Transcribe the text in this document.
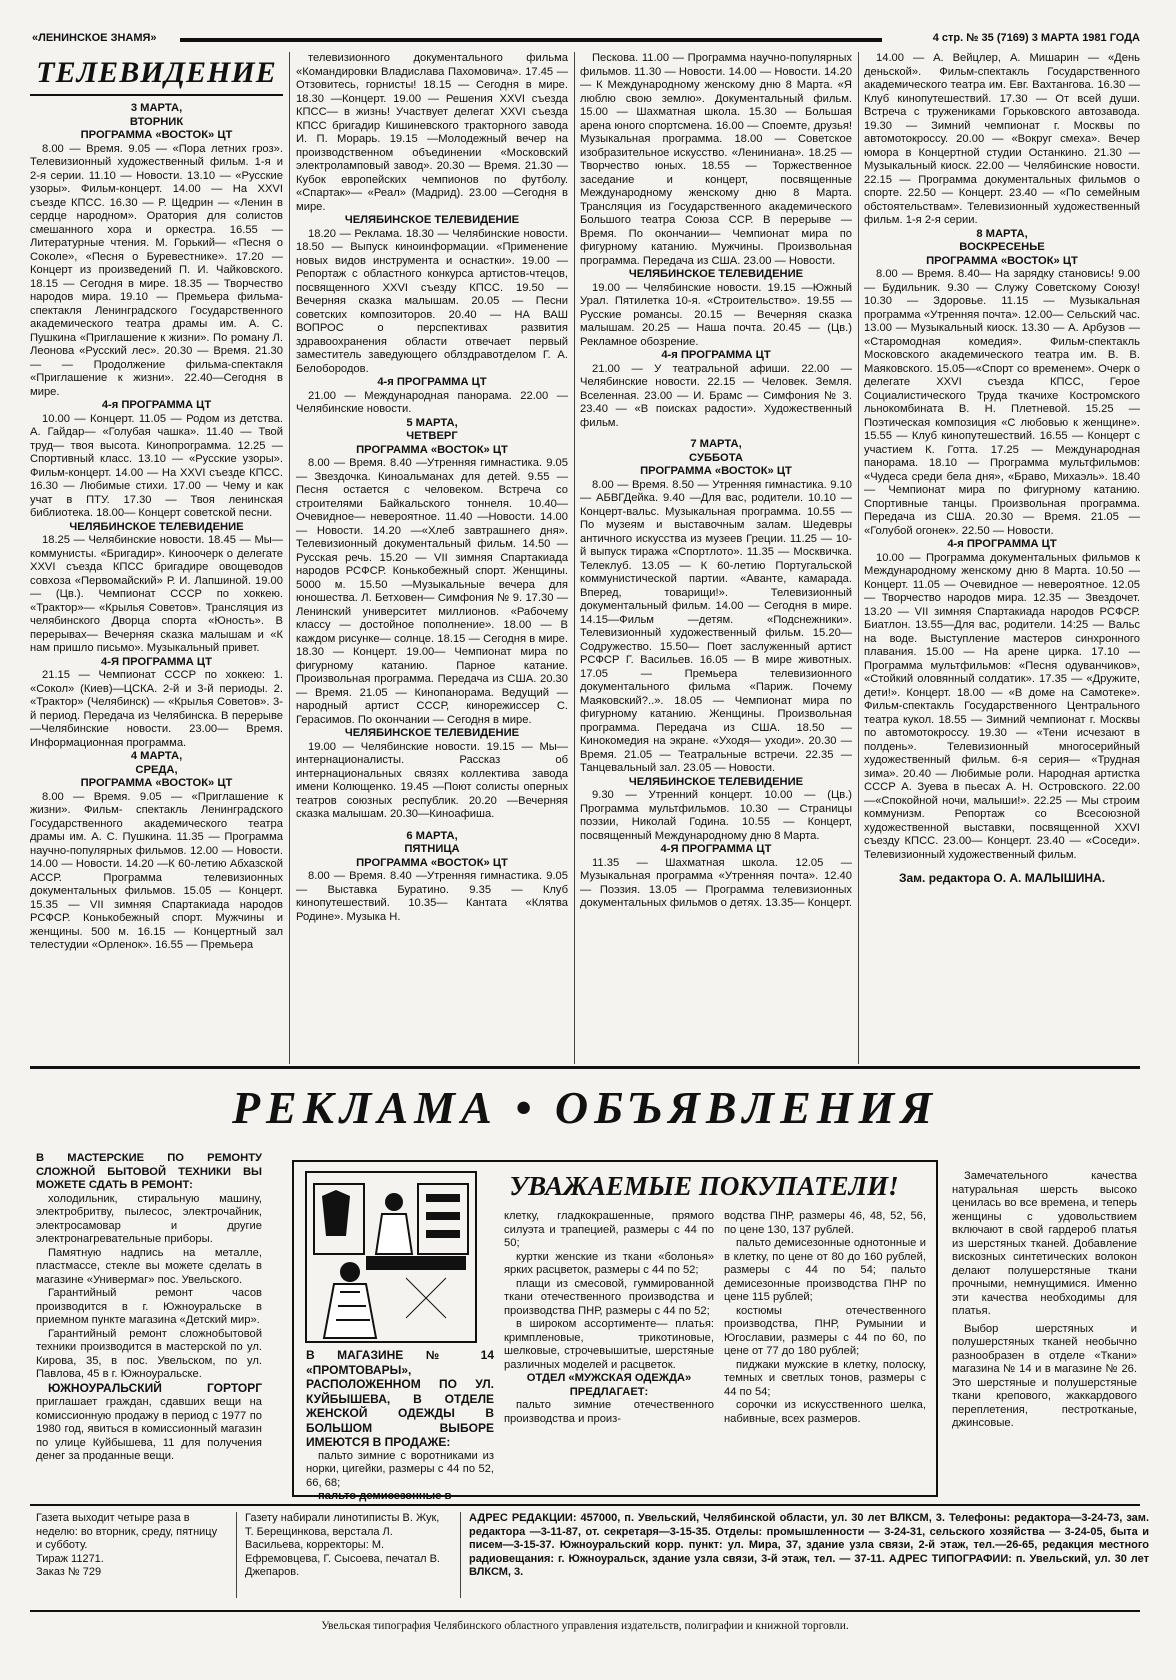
«ЛЕНИНСКОЕ ЗНАМЯ»	4 стр. № 35 (7169) 3 МАРТА 1981 ГОДА
ТЕЛЕВИДЕНИЕ
3 МАРТА,
ВТОРНИК
ПРОГРАММА «ВОСТОК» ЦТ
8.00 — Время. 9.05 — «Пора летних гроз». Телевизионный художественный фильм. 1-я и 2-я серии. 11.10 — Новости. 13.10 — «Русские узоры». Фильм-концерт. 14.00 — На XXVI съезде КПСС. 16.30 — Р. Щедрин — «Ленин в сердце народном». Оратория для солистов смешанного хора и оркестра. 16.55 —Литературные чтения. М. Горький— «Песня о Соколе», «Песня о Буревестнике». 17.20 — Концерт из произведений П. И. Чайковского. 18.15 — Сегодня в мире. 18.35 — Творчество народов мира. 19.10 — Премьера фильма-спектакля Ленинградского Государственного академического театра драмы им. А. С. Пушкина «Приглашение к жизни». По роману Л. Леонова «Русский лес». 20.30 — Время. 21.30— — Продолжение фильма-спектакля «Приглашение к жизни». 22.40—Сегодня в мире.
4-я ПРОГРАММА ЦТ
10.00 — Концерт. 11.05 — Родом из детства. А. Гайдар— «Голубая чашка». 11.40 — Твой труд— твоя высота. Кинопрограмма. 12.25 — Спортивный класс. 13.10 — «Русские узоры». Фильм-концерт. 14.00 — На XXVI съезде КПСС. 16.30 — Любимые стихи. 17.00 — Чему и как учат в ПТУ. 17.30 — Твоя ленинская библиотека. 18.00— Концерт советской песни.
ЧЕЛЯБИНСКОЕ ТЕЛЕВИДЕНИЕ
18.25 — Челябинские новости. 18.45 — Мы—коммунисты. «Бригадир». Киноочерк о делегате XXVI съезда КПСС бригадире овощеводов совхоза «Первомайский» Р. И. Лапшиной. 19.00 — (Цв.). Чемпионат СССР по хоккею. «Трактор»— «Крылья Советов». Трансляция из челябинского Дворца спорта «Юность». В перерывах— Вечерняя сказка малышам и «К нам пришло письмо». Музыкальный привет.
4-Я ПРОГРАММА ЦТ
21.15 — Чемпионат СССР по хоккею: 1. «Сокол» (Киев)—ЦСКА. 2-й и 3-й периоды. 2. «Трактор» (Челябинск) — «Крылья Советов». 3-й период. Передача из Челябинска. В перерыве —Челябинские новости. 23.00— Время. Информационная программа.
4 МАРТА,
СРЕДА,
ПРОГРАММА «ВОСТОК» ЦТ
8.00 — Время. 9.05 — «Приглашение к жизни». Фильм- спектакль Ленинградского Государственного академического театра драмы им. А. С. Пушкина. 11.35 — Программа научно-популярных фильмов. 12.00 — Новости. 14.00 — Новости. 14.20 —К 60-летию Абхазской АССР. Программа телевизионных документальных фильмов. 15.05 — Концерт. 15.35 — VII зимняя Спартакиада народов РСФСР. Конькобежный спорт. Мужчины и женщины. 500 м. 16.15 — Концертный зал телестудии «Орленок». 16.55 — Премьера
телевизионного документального фильма «Командировки Владислава Пахомовича». 17.45 —Отзовитесь, горнисты! 18.15 — Сегодня в мире. 18.30 —Концерт. 19.00 — Решения XXVI съезда КПСС— в жизнь! Участвует делегат XXVI съезда КПСС бригадир Кишиневского тракторного завода И. П. Морарь. 19.15 —Молодежный вечер на производственном объединении «Московский электроламповый завод». 20.30 — Время. 21.30 — Кубок европейских чемпионов по футболу. «Спартак»— «Реал» (Мадрид). 23.00 —Сегодня в мире.
ЧЕЛЯБИНСКОЕ ТЕЛЕВИДЕНИЕ
18.20 — Реклама. 18.30 — Челябинские новости. 18.50 — Выпуск киноинформации. «Применение новых видов инструмента и оснастки». 19.00 — Репортаж с областного конкурса артистов-чтецов, посвященного XXVI съезду КПСС. 19.50 — Вечерняя сказка малышам. 20.05 — Песни советских композиторов. 20.40 — НА ВАШ ВОПРОС о перспективах развития здравоохранения области отвечает первый заместитель заведующего облздравотделом Г. А. Белобородов.
4-я ПРОГРАММА ЦТ
21.00 — Международная панорама. 22.00 — Челябинские новости.
5 МАРТА,
ЧЕТВЕРГ
ПРОГРАММА «ВОСТОК» ЦТ
8.00 — Время. 8.40 —Утренняя гимнастика. 9.05 — Звездочка. Киноальманах для детей. 9.55 — Песня остается с человеком. Встреча со строителями Байкальского тоннеля. 10.40— Очевидное— невероятное. 11.40 —Новости. 14.00 — Новости. 14.20 —«Хлеб завтрашнего дня». Телевизионный документальный фильм. 14.50 — Русская речь. 15.20 — VII зимняя Спартакиада народов РСФСР. Конькобежный спорт. Женщины. 5000 м. 15.50 —Музыкальные вечера для юношества. Л. Бетховен— Симфония № 9. 17.30 — Ленинский университет миллионов. «Рабочему классу — достойное пополнение». 18.00 — В каждом рисунке— солнце. 18.15 — Сегодня в мире. 18.30 — Концерт. 19.00— Чемпионат мира по фигурному катанию. Парное катание. Произвольная программа. Передача из США. 20.30 — Время. 21.05 — Кинопанорама. Ведущий — народный артист СССР, кинорежиссер С. Герасимов. По окончании — Сегодня в мире.
ЧЕЛЯБИНСКОЕ ТЕЛЕВИДЕНИЕ
19.00 — Челябинские новости. 19.15 — Мы— интернационалисты. Рассказ об интернациональных связях коллектива завода имени Колющенко. 19.45 —Поют солисты оперных театров союзных республик. 20.20 —Вечерняя сказка малышам. 20.30—Киноафиша.
6 МАРТА,
ПЯТНИЦА
ПРОГРАММА «ВОСТОК» ЦТ
8.00 — Время. 8.40 —Утренняя гимнастика. 9.05 — Выставка Буратино. 9.35 — Клуб кинопутешествий. 10.35— Кантата «Клятва Родине». Музыка Н.
Пескова. 11.00 — Программа научно-популярных фильмов. 11.30 — Новости. 14.00 — Новости. 14.20 — К Международному женскому дню 8 Марта. «Я люблю свою землю». Документальный фильм. 15.00 — Шахматная школа. 15.30 — Большая арена юного спортсмена. 16.00 — Споемте, друзья! Музыкальная программа. 18.00 — Советское изобразительное искусство. «Лениниана». 18.25 — Творчество юных. 18.55 — Торжественное заседание и концерт, посвященные Международному женскому дню 8 Марта. Трансляция из Государственного академического Большого театра Союза ССР. В перерыве — Время. По окончании— Чемпионат мира по фигурному катанию. Мужчины. Произвольная программа. Передача из США. 23.00 — Новости.
ЧЕЛЯБИНСКОЕ ТЕЛЕВИДЕНИЕ
19.00 — Челябинские новости. 19.15 —Южный Урал. Пятилетка 10-я. «Строительство». 19.55 — Русские романсы. 20.15 — Вечерняя сказка малышам. 20.25 — Наша почта. 20.45 — (Цв.) Рекламное обозрение.
4-я ПРОГРАММА ЦТ
21.00 — У театральной афиши. 22.00 — Челябинские новости. 22.15 — Человек. Земля. Вселенная. 23.00 — И. Брамс — Симфония № 3. 23.40 — «В поисках радости». Художественный фильм.
7 МАРТА,
СУББОТА
ПРОГРАММА «ВОСТОК» ЦТ
8.00 — Время. 8.50 — Утренняя гимнастика. 9.10 — АБВГДейка. 9.40 —Для вас, родители. 10.10 — Концерт-вальс. Музыкальная программа. 10.55 — По музеям и выставочным залам. Шедевры античного искусства из музеев Греции. 11.25 — 10-й выпуск тиража «Спортлото». 11.35 — Москвичка. Телеклуб. 13.05 — К 60-летию Португальской коммунистической партии. «Аванте, камарада. Вперед, товарищи!». Телевизионный документальный фильм. 14.00 — Сегодня в мире. 14.15—Фильм —детям. «Подснежники». Телевизионный художественный фильм. 15.20—Содружество. 15.50— Поет заслуженный артист РСФСР Г. Васильев. 16.05 — В мире животных. 17.05 — Премьера телевизионного документального фильма «Париж. Почему Маяковский?..». 18.05 — Чемпионат мира по фигурному катанию. Женщины. Произвольная программа. Передача из США. 18.50 — Кинокомедия на экране. «Уходя— уходи». 20.30 — Время. 21.05 — Театральные встречи. 22.35 — Танцевальный зал. 23.05 — Новости.
ЧЕЛЯБИНСКОЕ ТЕЛЕВИДЕНИЕ
9.30 — Утренний концерт. 10.00 — (Цв.) Программа мультфильмов. 10.30 — Страницы поэзии, Николай Година. 10.55 — Концерт, посвященный Международному дню 8 Марта.
4-Я ПРОГРАММА ЦТ
11.35 — Шахматная школа. 12.05 — Музыкальная программа «Утренняя почта». 12.40 — Поэзия. 13.05 — Программа телевизионных документальных фильмов о детях. 13.35— Концерт.
14.00 — А. Вейцлер, А. Мишарин — «День деньской». Фильм-спектакль Государственного академического театра им. Евг. Вахтангова. 16.30 — Клуб кинопутешествий. 17.30 — От всей души. Встреча с тружениками Горьковского автозавода. 19.30 — Зимний чемпионат г. Москвы по автомотокроссу. 20.00 — «Вокруг смеха». Вечер юмора в Концертной студии Останкино. 21.30 — Музыкальный киоск. 22.00 — Челябинские новости. 22.15 — Программа документальных фильмов о спорте. 22.50 — Концерт. 23.40 — «По семейным обстоятельствам». Телевизионный художественный фильм. 1-я 2-я серии.
8 МАРТА,
ВОСКРЕСЕНЬЕ
ПРОГРАММА «ВОСТОК» ЦТ
8.00 — Время. 8.40— На зарядку становись! 9.00 — Будильник. 9.30 — Служу Советскому Союзу! 10.30 — Здоровье. 11.15 — Музыкальная программа «Утренняя почта». 12.00— Сельский час. 13.00 — Музыкальный киоск. 13.30 — А. Арбузов — «Старомодная комедия». Фильм-спектакль Московского академического театра им. В. В. Маяковского. 15.05—«Спорт со временем». Очерк о делегате XXVI съезда КПСС, Герое Социалистического Труда ткачихе Костромского льнокомбината В. Н. Плетневой. 15.25 — Поэтическая композиция «С любовью к женщине». 15.55 — Клуб кинопутешествий. 16.55 — Концерт с участием К. Готта. 17.25 — Международная панорама. 18.10 — Программа мультфильмов: «Чудеса среди бела дня», «Браво, Михаэль». 18.40 — Чемпионат мира по фигурному катанию. Спортивные танцы. Произвольная программа. Передача из США. 20.30 — Время. 21.05 — «Голубой огонек». 22.50 — Новости.
4-я ПРОГРАММА ЦТ
10.00 — Программа документальных фильмов к Международному женскому дню 8 Марта. 10.50 — Концерт. 11.05 — Очевидное — невероятное. 12.05 — Творчество народов мира. 12.35 — Звездочет. 13.20 — VII зимняя Спартакиада народов РСФСР. Биатлон. 13.55—Для вас, родители. 14:25 — Вальс на воде. Выступление мастеров синхронного плавания. 15.00 — На арене цирка. 17.10 — Программа мультфильмов: «Песня одуванчиков», «Стойкий оловянный солдатик». 17.35 — «Дружите, дети!». Концерт. 18.00 — «В доме на Самотеке». Фильм-спектакль Государственного Центрального театра кукол. 18.55 — Зимний чемпионат г. Москвы по автомотокроссу. 19.30 — «Тени исчезают в полдень». Телевизионный многосерийный художественный фильм. 6-я серия— «Трудная зима». 20.40 — Любимые роли. Народная артистка СССР А. Зуева в пьесах А. Н. Островского. 22.00—«Спокойной ночи, малыши!». 22.25 — Мы строим коммунизм. Репортаж со Всесоюзной художественной выставки, посвященной XXVI съезду КПСС. 23.00— Концерт. 23.40 — «Соседи». Телевизионный художественный фильм.
Зам. редактора О. А. МАЛЫШИНА.
РЕКЛАМА • ОБЪЯВЛЕНИЯ
В МАСТЕРСКИЕ ПО РЕМОНТУ СЛОЖНОЙ БЫТОВОЙ ТЕХНИКИ ВЫ МОЖЕТЕ СДАТЬ В РЕМОНТ:
холодильник, стиральную машину, электробритву, пылесос, электрочайник, электросамовар и другие электронагревательные приборы.
Памятную надпись на металле, пластмассе, стекле вы можете сделать в магазине «Универмаг» пос. Увельского.
Гарантийный ремонт часов производится в г. Южноуральске в приемном пункте магазина «Детский мир».
Гарантийный ремонт сложнобытовой техники производится в мастерской по ул. Кирова, 35, в пос. Увельском, по ул. Павлова, 45 в г. Южноуральске.
ЮЖНОУРАЛЬСКИЙ ГОРТОРГ приглашает граждан, сдавших вещи на комиссионную продажу в период с 1977 по 1980 год, явиться в комиссионный магазин по улице Куйбышева, 11 для получения денег за проданные вещи.
УВАЖАЕМЫЕ ПОКУПАТЕЛИ!
В МАГАЗИНЕ № 14 «ПРОМТОВАРЫ», РАСПОЛОЖЕННОМ ПО УЛ. КУЙБЫШЕВА, В ОТДЕЛЕ ЖЕНСКОЙ ОДЕЖДЫ В БОЛЬШОМ ВЫБОРЕ ИМЕЮТСЯ В ПРОДАЖЕ:
пальто зимние с воротниками из норки, цигейки, размеры с 44 по 52, 66, 68;
пальто демисезонные в
клетку, гладкокрашенные, прямого силуэта и трапецией, размеры с 44 по 50;
куртки женские из ткани «болонья» ярких расцветок, размеры с 44 по 52;
плащи из смесовой, гуммированной ткани отечественного производства и производства ПНР, размеры с 44 по 52;
в широком ассортименте— платья: кримпленовые, трикотиновые, шелковые, строчевышитые, шерстяные различных моделей и расцветок.
ОТДЕЛ «МУЖСКАЯ ОДЕЖДА» ПРЕДЛАГАЕТ:
пальто зимние отечественного производства и произ-
водства ПНР, размеры 46, 48, 52, 56, по цене 130, 137 рублей.
пальто демисезонные однотонные и в клетку, по цене от 80 до 160 рублей, размеры с 44 по 54; пальто демисезонные производства ПНР по цене 115 рублей;
костюмы отечественного производства, ПНР, Румынии и Югославии, размеры с 44 по 60, по цене от 77 до 180 рублей;
пиджаки мужские в клетку, полоску, темных и светлых тонов, размеры с 44 по 54;
сорочки из искусственного шелка, набивные, всех размеров.
Замечательного качества натуральная шерсть высоко ценилась во все времена, и теперь женщины с удовольствием включают в свой гардероб платья из шерстяных тканей. Добавление вискозных синтетических волокон делают полушерстяные ткани прочными, немнущимися. Именно эти качества необходимы для платья.
Выбор шерстяных и полушерстяных тканей необычно разнообразен в отделе «Ткани» магазина № 14 и в магазине № 26. Это шерстяные и полушерстяные ткани крепового, жаккардового переплетения, пестротканые, джинсовые.
Газета выходит четыре раза в неделю: во вторник, среду, пятницу и субботу.
Тираж 11271.
Заказ № 729
Газету набирали линотиписты В. Жук, Т. Берещинкова, верстала Л. Васильева, корректоры: М. Ефремовцева, Г. Сысоева, печатал В. Джепаров.
АДРЕС РЕДАКЦИИ: 457000, п. Увельский, Челябинской области, ул. 30 лет ВЛКСМ, 3. Телефоны: редактора—3-24-73, зам. редактора —3-11-87, от. секретаря—3-15-35. Отделы: промышленности — 3-24-31, сельского хозяйства — 3-24-05, быта и писем—3-15-37. Южноуральский корр. пункт: ул. Мира, 37, здание узла связи, 2-й этаж, тел.—26-65, редакция местного радиовещания: г. Южноуральск, здание узла связи, 3-й этаж, тел. — 37-11. АДРЕС ТИПОГРАФИИ: п. Увельский, ул. 30 лет ВЛКСМ, 3.
Увельская типография Челябинского областного управления издательств, полиграфии и книжной торговли.
